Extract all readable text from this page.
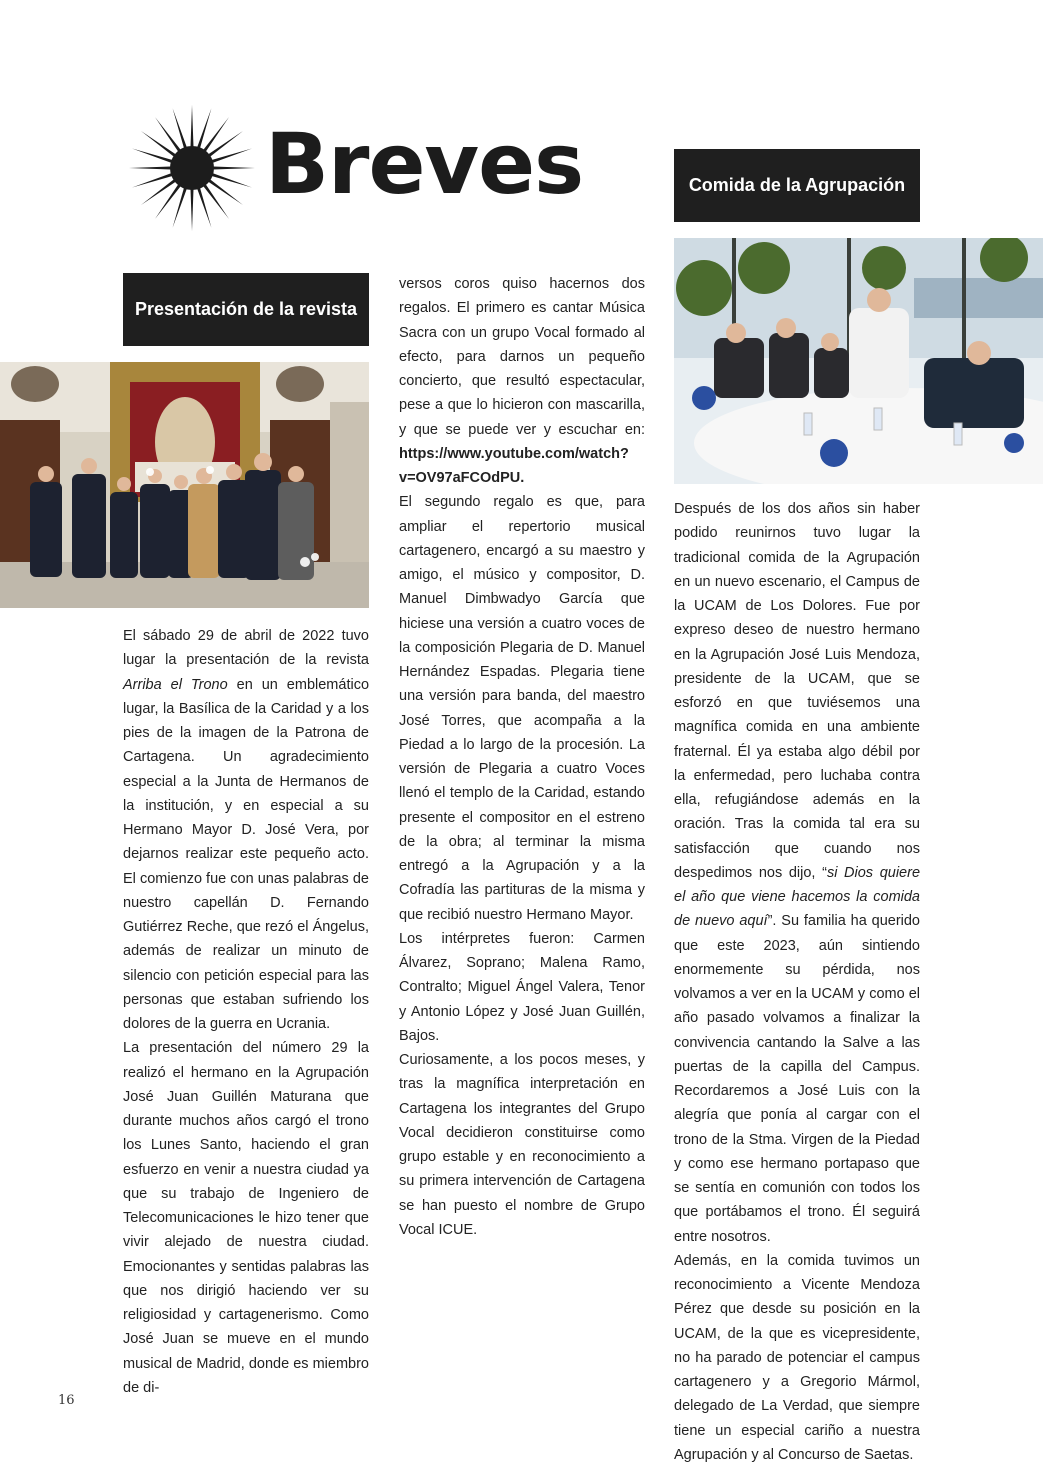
Breves	Comida de la Agrupación
Presentación de la revista

El sábado 29 de abril de 2022 tuvo lugar la presentación de la revista Arriba el Trono en un emblemático lugar, la Basílica de la Caridad y a los pies de la imagen de la Patrona de Cartagena. Un agradecimiento especial a la Junta de Hermanos de la institución, y en especial a su Hermano Mayor D. José Vera, por dejarnos realizar este pequeño acto. El comienzo fue con unas palabras de nuestro capellán D. Fernando Gutiérrez Reche, que rezó el Ángelus, además de realizar un minuto de silencio con petición especial para las personas que estaban sufriendo los dolores de la guerra en Ucrania.

La presentación del número 29 la realizó el hermano en la Agrupación José Juan Guillén Maturana que durante muchos años cargó el trono los Lunes Santo, haciendo el gran esfuerzo en venir a nuestra ciudad ya que su trabajo de Ingeniero de Telecomunicaciones le hizo tener que vivir alejado de nuestra ciudad. Emocionantes y sentidas palabras las que nos dirigió haciendo ver su religiosidad y cartagenerismo. Como José Juan se mueve en el mundo musical de Madrid, donde es miembro de di-

versos coros quiso hacernos dos regalos. El primero es cantar Música Sacra con un grupo Vocal formado al efecto, para darnos un pequeño concierto, que resultó espectacular, pese a que lo hicieron con mascarilla, y que se puede ver y escuchar en: https://www.youtube.com/watch?v=OV97aFCOdPU.

El segundo regalo es que, para ampliar el repertorio musical cartagenero, encargó a su maestro y amigo, el músico y compositor, D. Manuel Dimbwadyo García que hiciese una versión a cuatro voces de la composición Plegaria de D. Manuel Hernández Espadas. Plegaria tiene una versión para banda, del maestro José Torres, que acompaña a la Piedad a lo largo de la procesión. La versión de Plegaria a cuatro Voces llenó el templo de la Caridad, estando presente el compositor en el estreno de la obra; al terminar la misma entregó a la Agrupación y a la Cofradía las partituras de la misma y que recibió nuestro Hermano Mayor.

Los intérpretes fueron: Carmen Álvarez, Soprano; Malena Ramo, Contralto; Miguel Ángel Valera, Tenor y Antonio López y José Juan Guillén, Bajos.

Curiosamente, a los pocos meses, y tras la magnífica interpretación en Cartagena los integrantes del Grupo Vocal decidieron constituirse como grupo estable y en reconocimiento a su primera intervención de Cartagena se han puesto el nombre de Grupo Vocal ICUE.

Después de los dos años sin haber podido reunirnos tuvo lugar la tradicional comida de la Agrupación en un nuevo escenario, el Campus de la UCAM de Los Dolores. Fue por expreso deseo de nuestro hermano en la Agrupación José Luis Mendoza, presidente de la UCAM, que se esforzó en que tuviésemos una magnífica comida en una ambiente fraternal. Él ya estaba algo débil por la enfermedad, pero luchaba contra ella, refugiándose además en la oración. Tras la comida tal era su satisfacción que cuando nos despedimos nos dijo, “si Dios quiere el año que viene hacemos la comida de nuevo aquí”. Su familia ha querido que este 2023, aún sintiendo enormemente su pérdida, nos volvamos a ver en la UCAM y como el año pasado volvamos a finalizar la convivencia cantando la Salve a las puertas de la capilla del Campus. Recordaremos a José Luis con la alegría que ponía al cargar con el trono de la Stma. Virgen de la Piedad y como ese hermano portapaso que se sentía en comunión con todos los que portábamos el trono. Él seguirá entre nosotros.

Además, en la comida tuvimos un reconocimiento a Vicente Mendoza Pérez que desde su posición en la UCAM, de la que es vicepresidente, no ha parado de potenciar el campus cartagenero y a Gregorio Mármol, delegado de La Verdad, que siempre tiene un especial cariño a nuestra Agrupación y al Concurso de Saetas.

16
